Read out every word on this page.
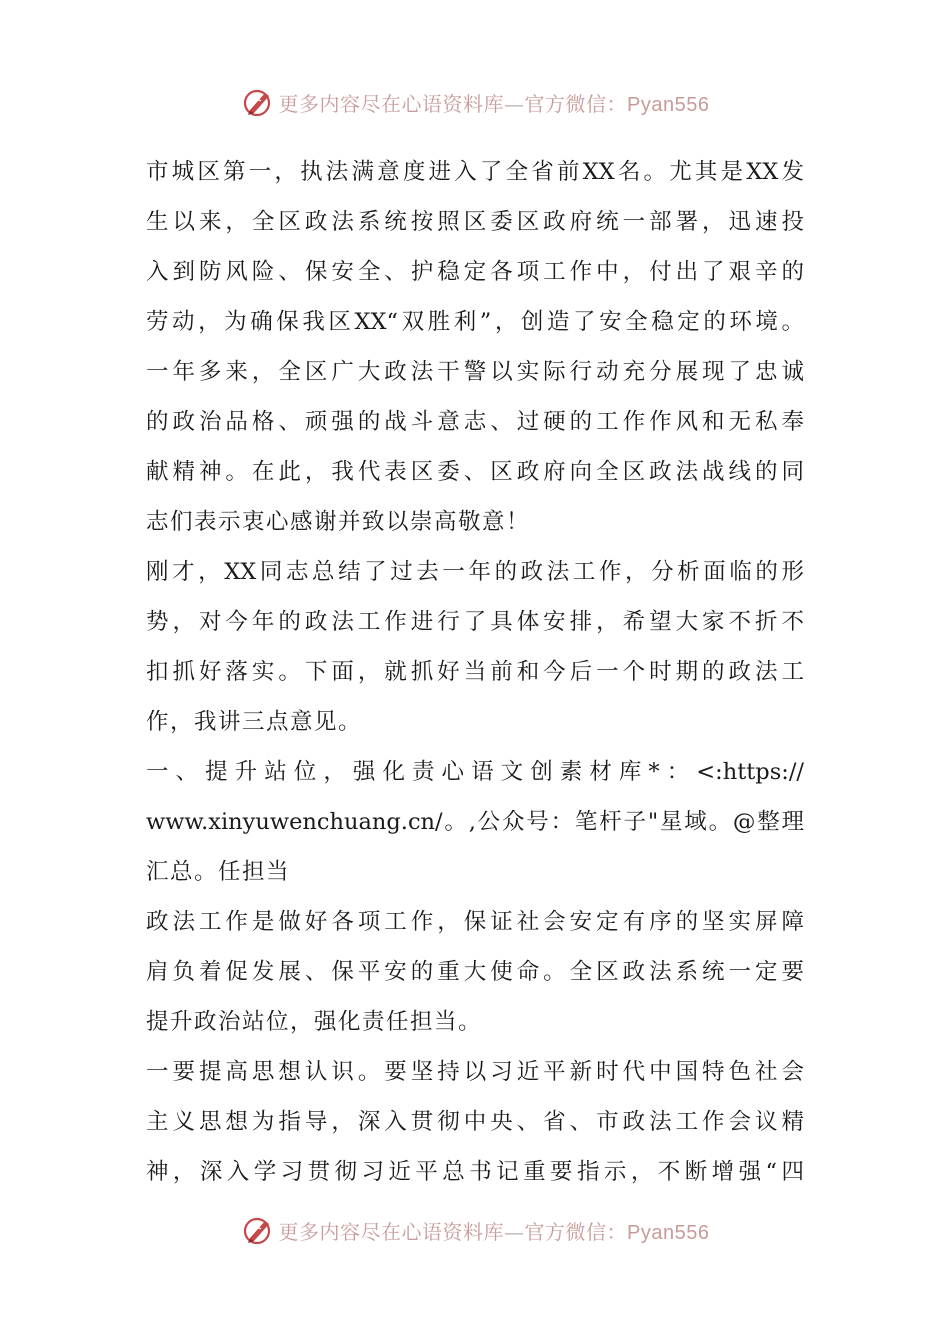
更多内容尽在心语资料库—官方微信：Pyan556
市城区第一，执法满意度进入了全省前XX名。尤其是XX发
生以来，全区政法系统按照区委区政府统一部署，迅速投
入到防风险、保安全、护稳定各项工作中，付出了艰辛的
劳动，为确保我区XX“双胜利”，创造了安全稳定的环境。
一年多来，全区广大政法干警以实际行动充分展现了忠诚
的政治品格、顽强的战斗意志、过硬的工作作风和无私奉
献精神。在此，我代表区委、区政府向全区政法战线的同
志们表示衷心感谢并致以崇高敬意！
刚才，XX同志总结了过去一年的政法工作，分析面临的形
势，对今年的政法工作进行了具体安排，希望大家不折不
扣抓好落实。下面，就抓好当前和今后一个时期的政法工
作，我讲三点意见。
一、提升站位，强化责心语文创素材库*：<:https://
www.xinyuwenchuang.cn/。,公众号：笔杆子"星域。@整理
汇总。任担当
政法工作是做好各项工作，保证社会安定有序的坚实屏障
肩负着促发展、保平安的重大使命。全区政法系统一定要
提升政治站位，强化责任担当。
一要提高思想认识。要坚持以习近平新时代中国特色社会
主义思想为指导，深入贯彻中央、省、市政法工作会议精
神，深入学习贯彻习近平总书记重要指示，不断增强“四
更多内容尽在心语资料库—官方微信：Pyan556
